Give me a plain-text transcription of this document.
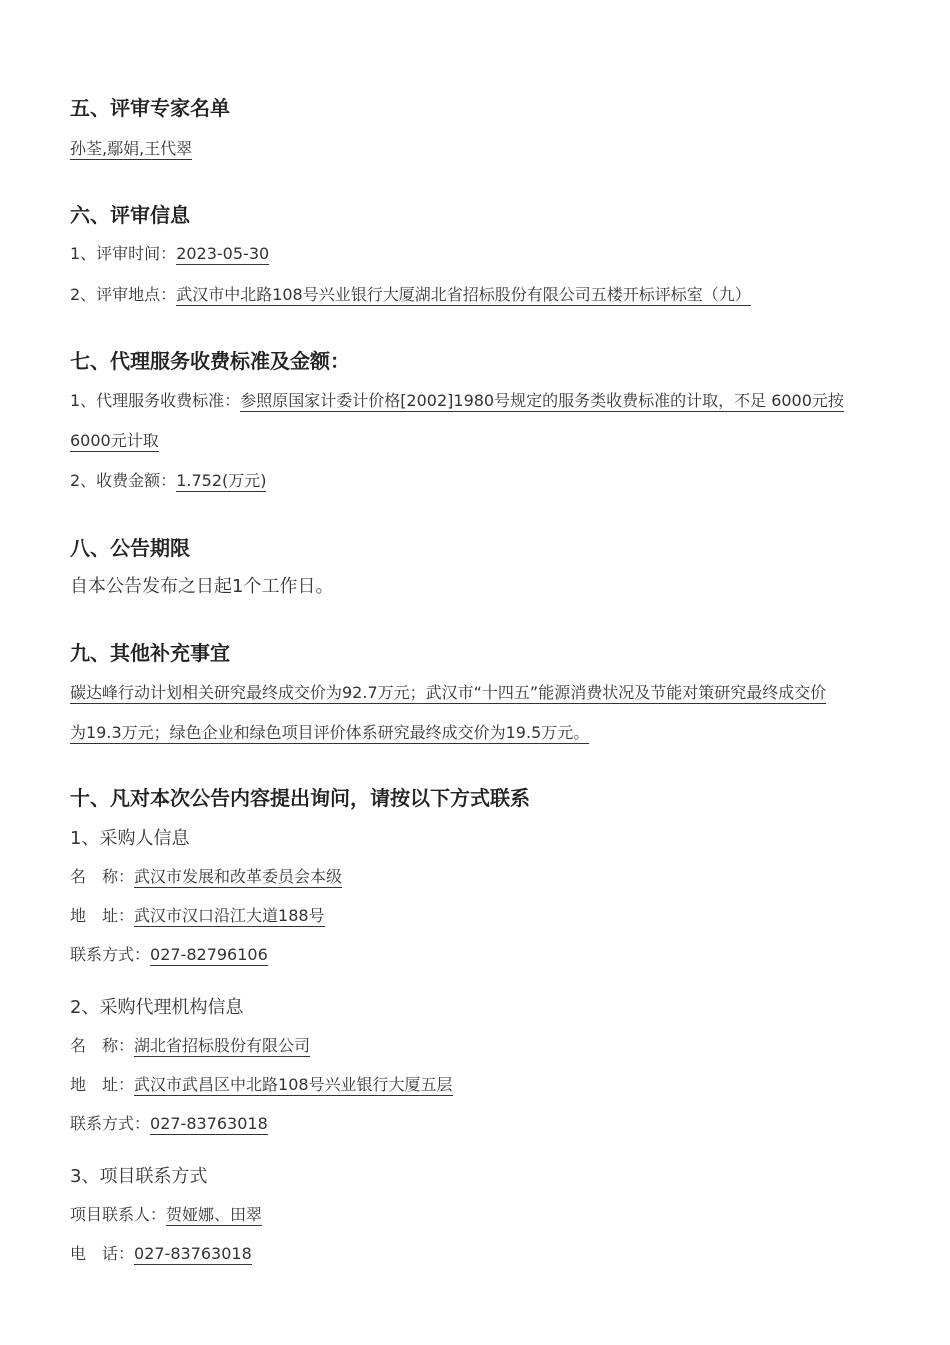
五、评审专家名单
孙荃,鄢娟,王代翠
六、评审信息
1、评审时间：2023-05-30
2、评审地点：武汉市中北路108号兴业银行大厦湖北省招标股份有限公司五楼开标评标室（九）
七、代理服务收费标准及金额：
1、代理服务收费标准：参照原国家计委计价格[2002]1980号规定的服务类收费标准的计取，不足 6000元按
6000元计取
2、收费金额：1.752(万元)
八、公告期限
自本公告发布之日起1个工作日。
九、其他补充事宜
碳达峰行动计划相关研究最终成交价为92.7万元；武汉市“十四五”能源消费状况及节能对策研究最终成交价
为19.3万元；绿色企业和绿色项目评价体系研究最终成交价为19.5万元。
十、凡对本次公告内容提出询问，请按以下方式联系
1、采购人信息
名　称：武汉市发展和改革委员会本级
地　址：武汉市汉口沿江大道188号
联系方式：027-82796106
2、采购代理机构信息
名　称：湖北省招标股份有限公司
地　址：武汉市武昌区中北路108号兴业银行大厦五层
联系方式：027-83763018
3、项目联系方式
项目联系人：贺娅娜、田翠
电　话：027-83763018
